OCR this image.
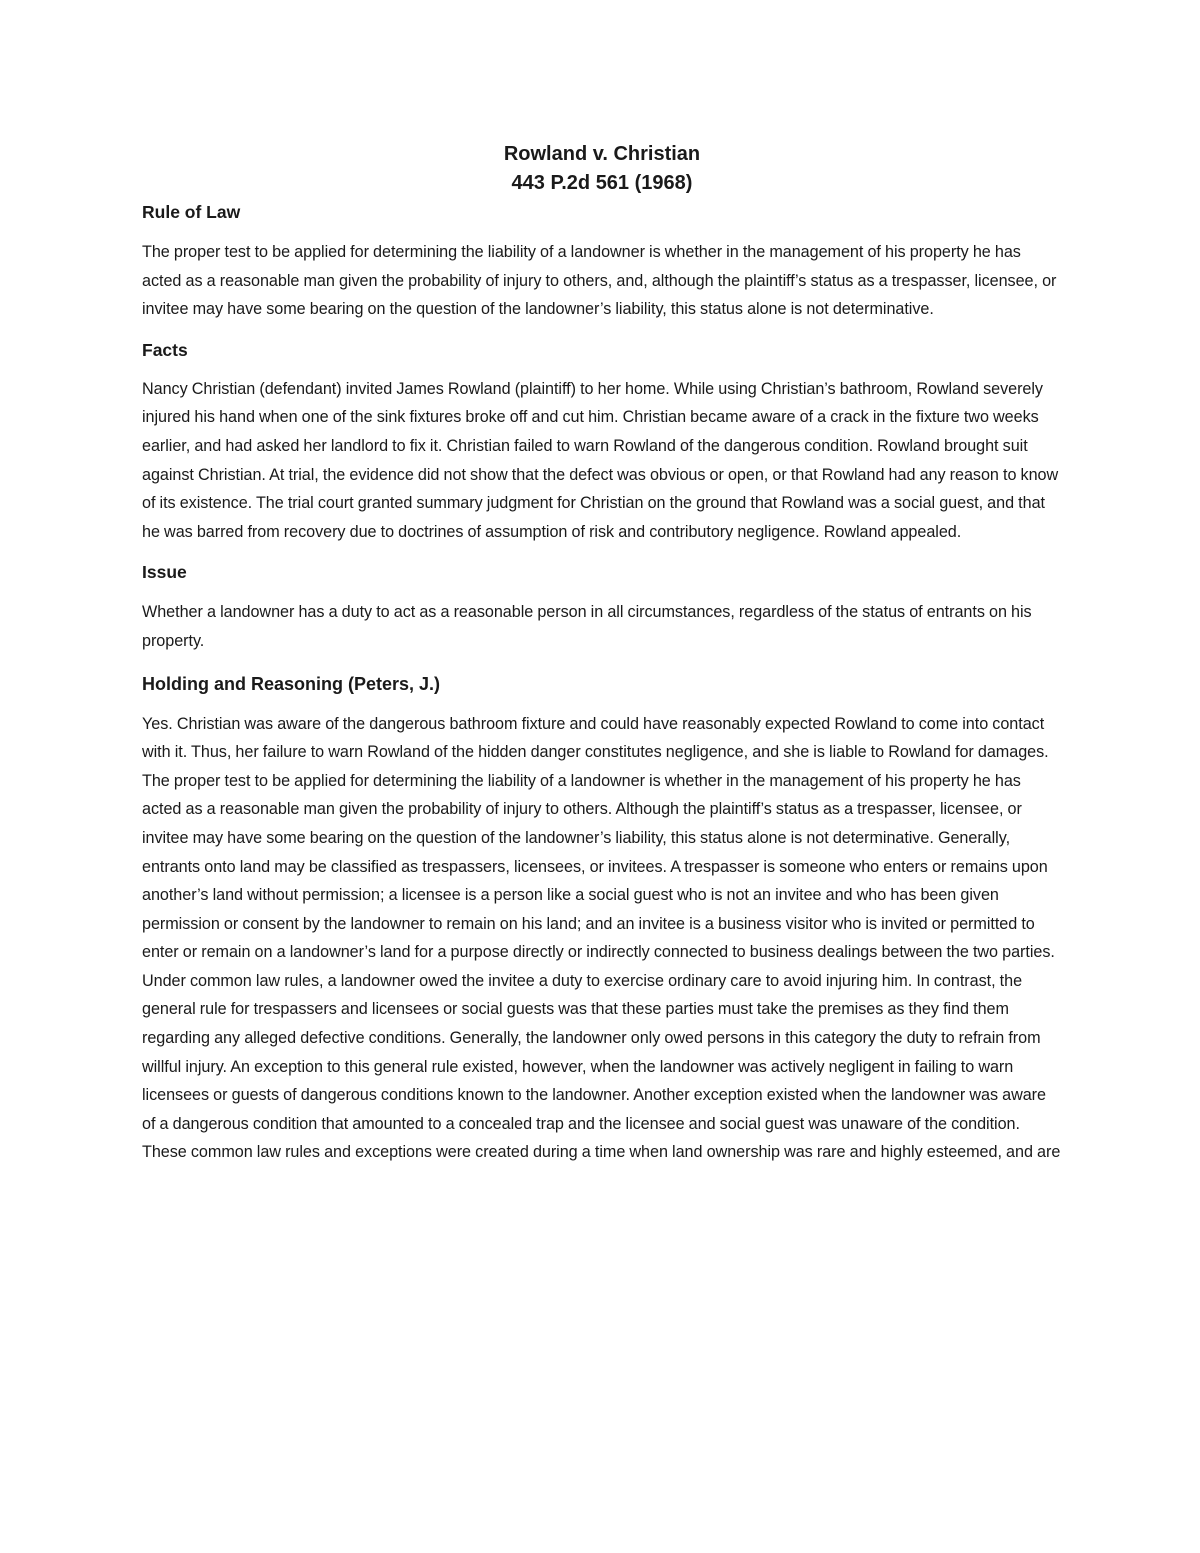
Rowland v. Christian
443 P.2d 561 (1968)
Rule of Law

The proper test to be applied for determining the liability of a landowner is whether in the management of his property he has acted as a reasonable man given the probability of injury to others, and, although the plaintiff’s status as a trespasser, licensee, or invitee may have some bearing on the question of the landowner’s liability, this status alone is not determinative.

Facts

Nancy Christian (defendant) invited James Rowland (plaintiff) to her home. While using Christian’s bathroom, Rowland severely injured his hand when one of the sink fixtures broke off and cut him. Christian became aware of a crack in the fixture two weeks earlier, and had asked her landlord to fix it. Christian failed to warn Rowland of the dangerous condition. Rowland brought suit against Christian. At trial, the evidence did not show that the defect was obvious or open, or that Rowland had any reason to know of its existence. The trial court granted summary judgment for Christian on the ground that Rowland was a social guest, and that he was barred from recovery due to doctrines of assumption of risk and contributory negligence. Rowland appealed.

Issue

Whether a landowner has a duty to act as a reasonable person in all circumstances, regardless of the status of entrants on his property.

Holding and Reasoning (Peters, J.)

Yes. Christian was aware of the dangerous bathroom fixture and could have reasonably expected Rowland to come into contact with it. Thus, her failure to warn Rowland of the hidden danger constitutes negligence, and she is liable to Rowland for damages. The proper test to be applied for determining the liability of a landowner is whether in the management of his property he has acted as a reasonable man given the probability of injury to others. Although the plaintiff’s status as a trespasser, licensee, or invitee may have some bearing on the question of the landowner’s liability, this status alone is not determinative. Generally, entrants onto land may be classified as trespassers, licensees, or invitees. A trespasser is someone who enters or remains upon another’s land without permission; a licensee is a person like a social guest who is not an invitee and who has been given permission or consent by the landowner to remain on his land; and an invitee is a business visitor who is invited or permitted to enter or remain on a landowner’s land for a purpose directly or indirectly connected to business dealings between the two parties. Under common law rules, a landowner owed the invitee a duty to exercise ordinary care to avoid injuring him. In contrast, the general rule for trespassers and licensees or social guests was that these parties must take the premises as they find them regarding any alleged defective conditions. Generally, the landowner only owed persons in this category the duty to refrain from willful injury. An exception to this general rule existed, however, when the landowner was actively negligent in failing to warn licensees or guests of dangerous conditions known to the landowner. Another exception existed when the landowner was aware of a dangerous condition that amounted to a concealed trap and the licensee and social guest was unaware of the condition. These common law rules and exceptions were created during a time when land ownership was rare and highly esteemed, and are
